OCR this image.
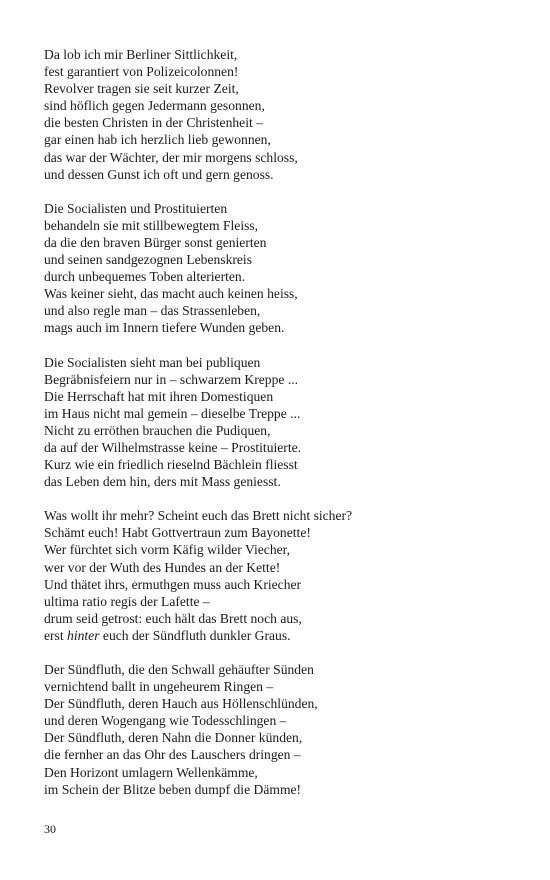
Da lob ich mir Berliner Sittlichkeit,
fest garantiert von Polizeicolonnen!
Revolver tragen sie seit kurzer Zeit,
sind höflich gegen Jedermann gesonnen,
die besten Christen in der Christenheit –
gar einen hab ich herzlich lieb gewonnen,
das war der Wächter, der mir morgens schloss,
und dessen Gunst ich oft und gern genoss.
Die Socialisten und Prostituierten
behandeln sie mit stillbewegtem Fleiss,
da die den braven Bürger sonst genierten
und seinen sandgezognen Lebenskreis
durch unbequemes Toben alterierten.
Was keiner sieht, das macht auch keinen heiss,
und also regle man – das Strassenleben,
mags auch im Innern tiefere Wunden geben.
Die Socialisten sieht man bei publiquen
Begräbnisfeiern nur in – schwarzem Kreppe ...
Die Herrschaft hat mit ihren Domestiquen
im Haus nicht mal gemein – dieselbe Treppe ...
Nicht zu erröthen brauchen die Pudiquen,
da auf der Wilhelmstrasse keine – Prostituierte.
Kurz wie ein friedlich rieselnd Bächlein fliesst
das Leben dem hin, ders mit Mass geniesst.
Was wollt ihr mehr? Scheint euch das Brett nicht sicher?
Schämt euch! Habt Gottvertraun zum Bayonette!
Wer fürchtet sich vorm Käfig wilder Viecher,
wer vor der Wuth des Hundes an der Kette!
Und thätet ihrs, ermuthgen muss auch Kriecher
ultima ratio regis der Lafette –
drum seid getrost: euch hält das Brett noch aus,
erst hinter euch der Sündfluth dunkler Graus.
Der Sündfluth, die den Schwall gehäufter Sünden
vernichtend ballt in ungeheurem Ringen –
Der Sündfluth, deren Hauch aus Höllenschlünden,
und deren Wogengang wie Todesschlingen –
Der Sündfluth, deren Nahn die Donner künden,
die fernher an das Ohr des Lauschers dringen –
Den Horizont umlagern Wellenkämme,
im Schein der Blitze beben dumpf die Dämme!
30
